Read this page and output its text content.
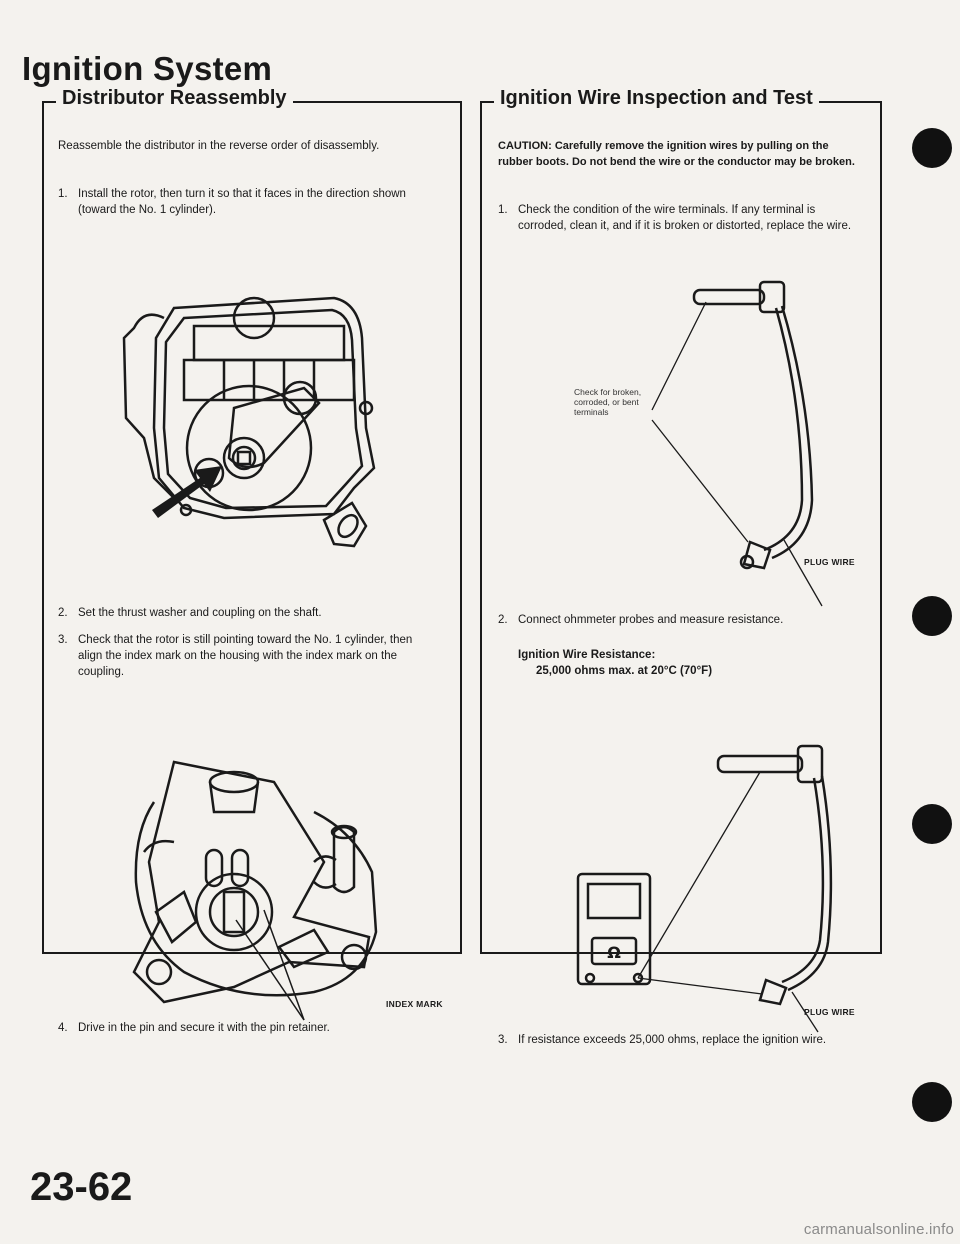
Ignition System
Distributor Reassembly
Reassemble the distributor in the reverse order of disassembly.
1. Install the rotor, then turn it so that it faces in the direction shown (toward the No. 1 cylinder).
2. Set the thrust washer and coupling on the shaft.
3. Check that the rotor is still pointing toward the No. 1 cylinder, then align the index mark on the housing with the index mark on the coupling.
INDEX MARK
4. Drive in the pin and secure it with the pin retainer.
Ignition Wire Inspection and Test
CAUTION: Carefully remove the ignition wires by pulling on the rubber boots. Do not bend the wire or the conductor may be broken.
1. Check the condition of the wire terminals. If any terminal is corroded, clean it, and if it is broken or distorted, replace the wire.
Check for broken, corroded, or bent terminals
PLUG WIRE
2. Connect ohmmeter probes and measure resistance.
Ignition Wire Resistance:
25,000 ohms max. at 20°C (70°F)
Ω
PLUG WIRE
3. If resistance exceeds 25,000 ohms, replace the ignition wire.
23-62
carmanualsonline.info
